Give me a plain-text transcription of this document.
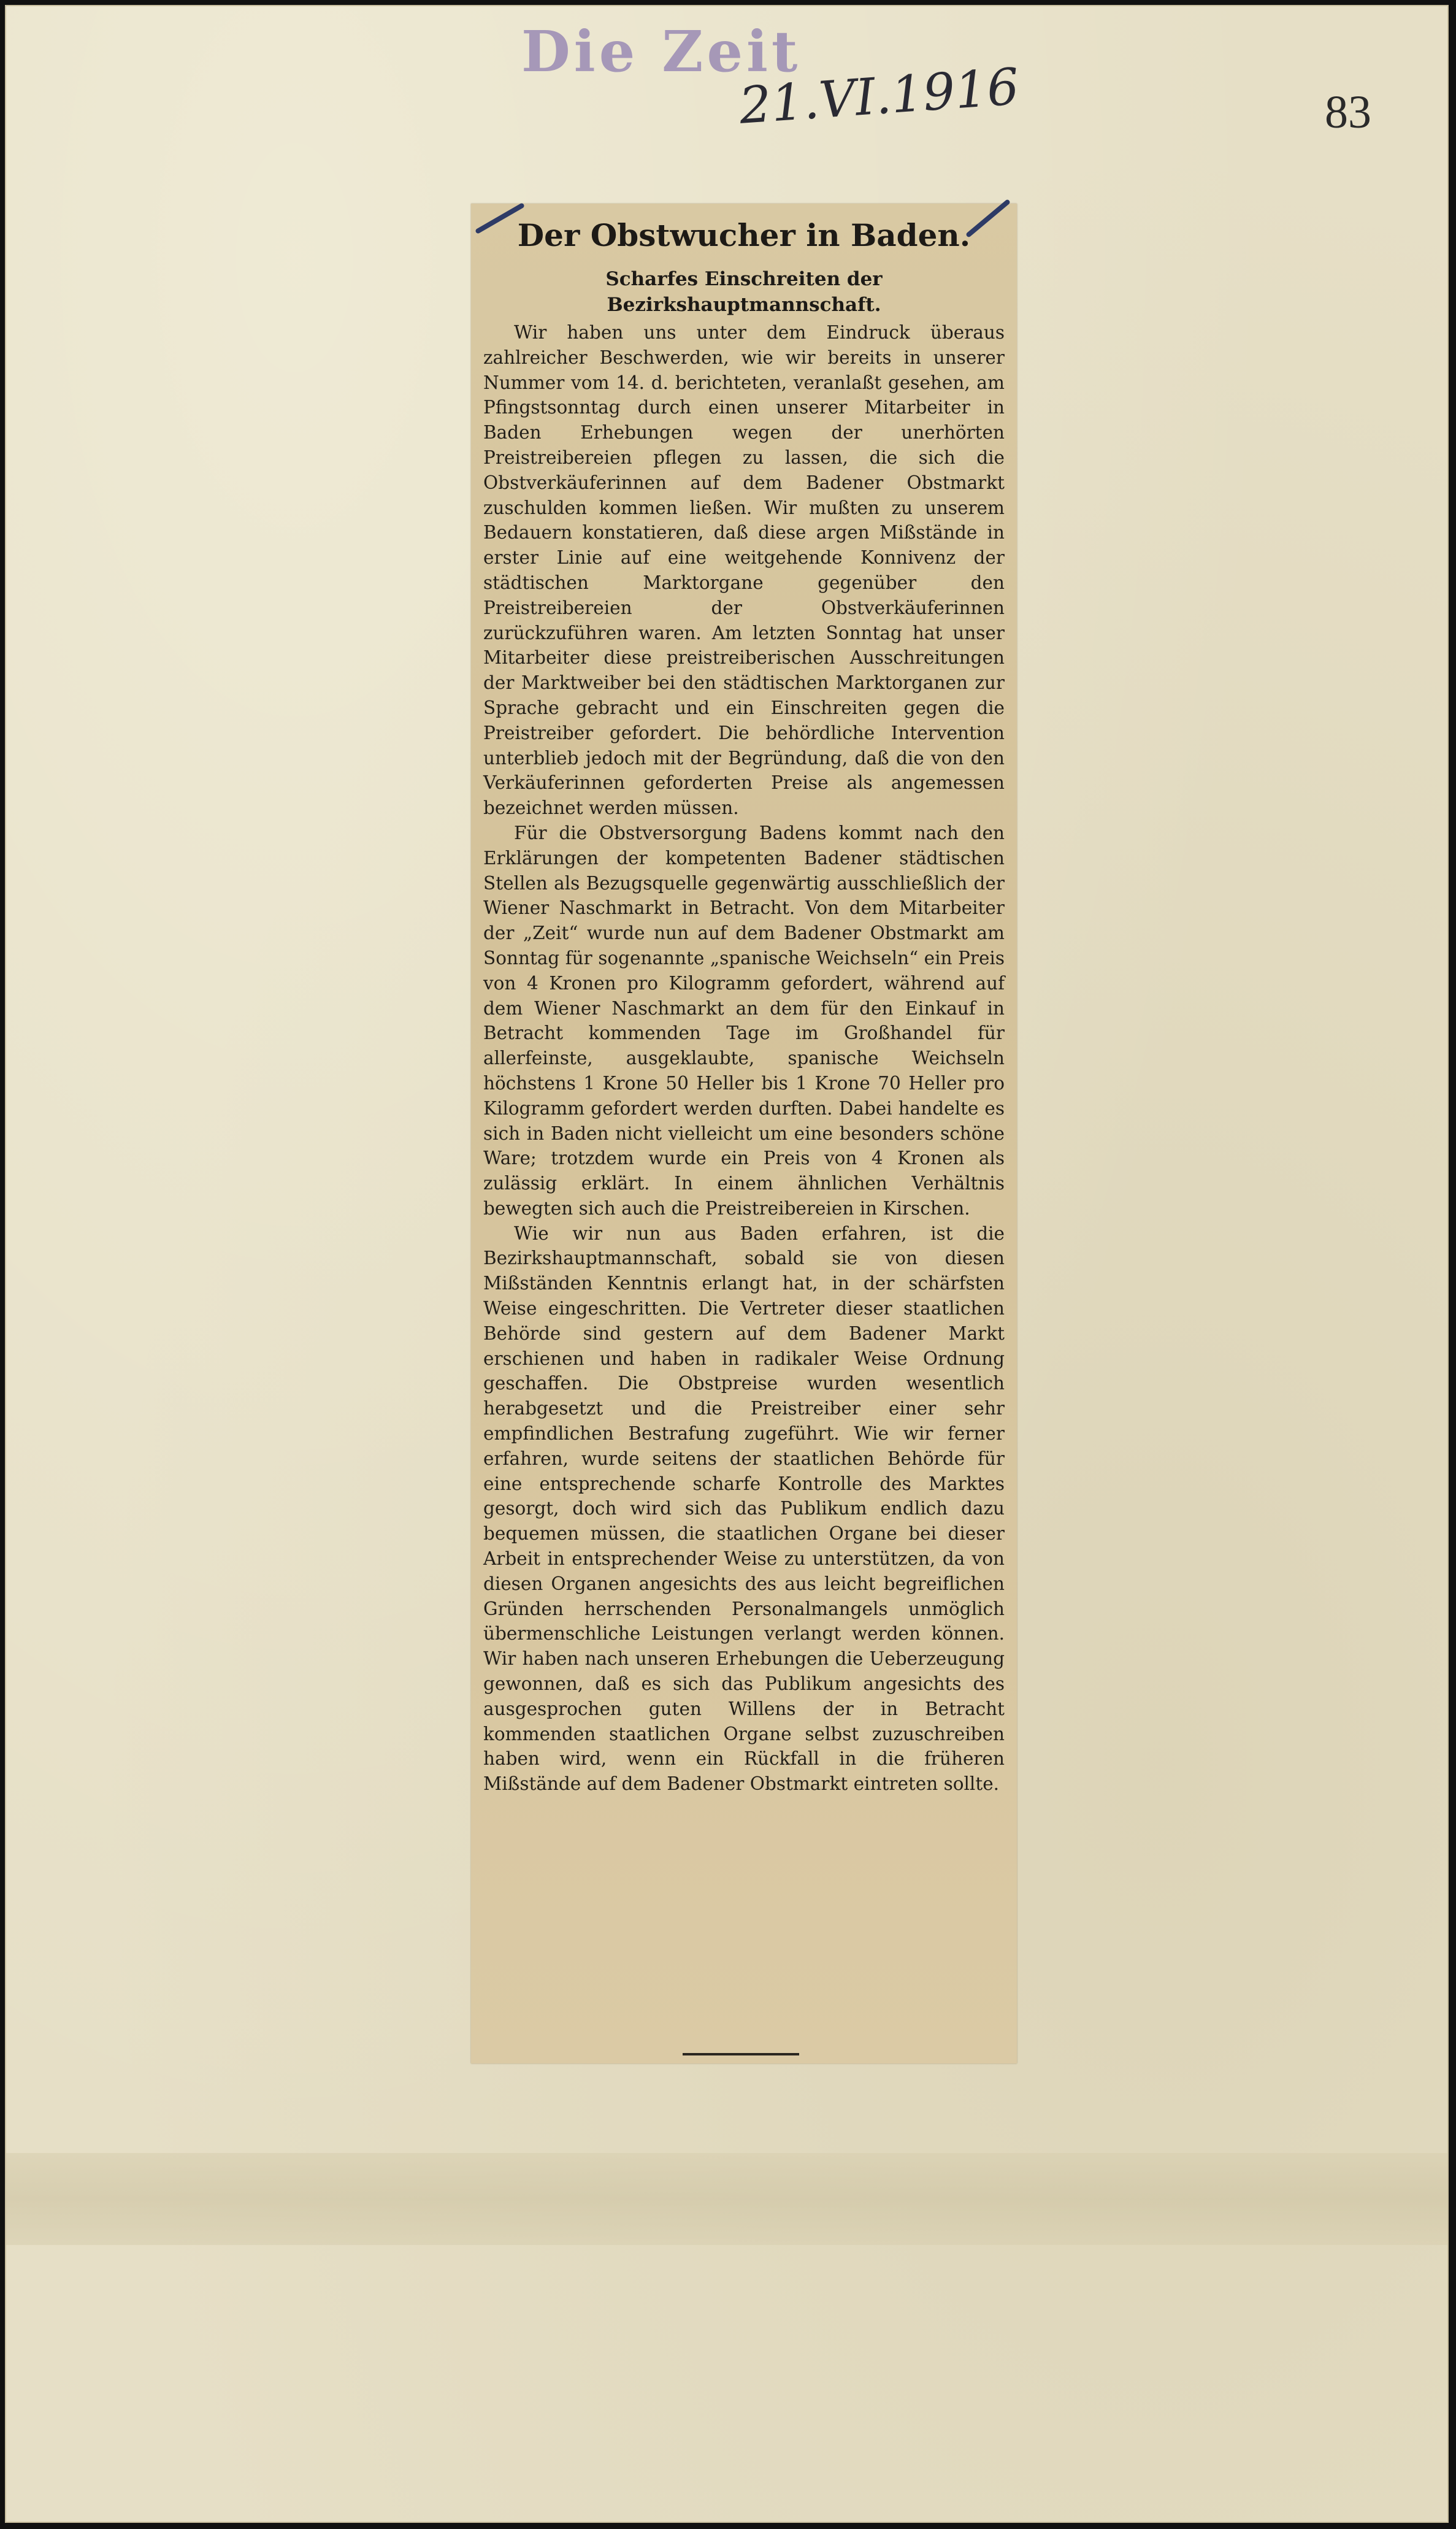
Die Zeit
21.VI.1916	83
Der Obstwucher in Baden.
Scharfes Einschreiten der Bezirkshauptmannschaft.

Wir haben uns unter dem Eindruck überaus zahlreicher Beschwerden, wie wir bereits in unserer Nummer vom 14. d. berichteten, veranlaßt gesehen, am Pfingstsonntag durch einen unserer Mitarbeiter in Baden Erhebungen wegen der unerhörten Preistreibereien pflegen zu lassen, die sich die Obstverkäuferinnen auf dem Badener Obstmarkt zuschulden kommen ließen. Wir mußten zu unserem Bedauern konstatieren, daß diese argen Mißstände in erster Linie auf eine weitgehende Konnivenz der städtischen Marktorgane gegenüber den Preistreibereien der Obstverkäuferinnen zurückzuführen waren. Am letzten Sonntag hat unser Mitarbeiter diese preistreiberischen Ausschreitungen der Marktweiber bei den städtischen Marktorganen zur Sprache gebracht und ein Einschreiten gegen die Preistreiber gefordert. Die behördliche Intervention unterblieb jedoch mit der Begründung, daß die von den Verkäuferinnen geforderten Preise als angemessen bezeichnet werden müssen.

Für die Obstversorgung Badens kommt nach den Erklärungen der kompetenten Badener städtischen Stellen als Bezugsquelle gegenwärtig ausschließlich der Wiener Naschmarkt in Betracht. Von dem Mitarbeiter der „Zeit“ wurde nun auf dem Badener Obstmarkt am Sonntag für sogenannte „spanische Weichseln“ ein Preis von 4 Kronen pro Kilogramm gefordert, während auf dem Wiener Naschmarkt an dem für den Einkauf in Betracht kommenden Tage im Großhandel für allerfeinste, ausgeklaubte, spanische Weichseln höchstens 1 Krone 50 Heller bis 1 Krone 70 Heller pro Kilogramm gefordert werden durften. Dabei handelte es sich in Baden nicht vielleicht um eine besonders schöne Ware; trotzdem wurde ein Preis von 4 Kronen als zulässig erklärt. In einem ähnlichen Verhältnis bewegten sich auch die Preistreibereien in Kirschen.

Wie wir nun aus Baden erfahren, ist die Bezirkshauptmannschaft, sobald sie von diesen Mißständen Kenntnis erlangt hat, in der schärfsten Weise eingeschritten. Die Vertreter dieser staatlichen Behörde sind gestern auf dem Badener Markt erschienen und haben in radikaler Weise Ordnung geschaffen. Die Obstpreise wurden wesentlich herabgesetzt und die Preistreiber einer sehr empfindlichen Bestrafung zugeführt. Wie wir ferner erfahren, wurde seitens der staatlichen Behörde für eine entsprechende scharfe Kontrolle des Marktes gesorgt, doch wird sich das Publikum endlich dazu bequemen müssen, die staatlichen Organe bei dieser Arbeit in entsprechender Weise zu unterstützen, da von diesen Organen angesichts des aus leicht begreiflichen Gründen herrschenden Personalmangels unmöglich übermenschliche Leistungen verlangt werden können. Wir haben nach unseren Erhebungen die Ueberzeugung gewonnen, daß es sich das Publikum angesichts des ausgesprochen guten Willens der in Betracht kommenden staatlichen Organe selbst zuzuschreiben haben wird, wenn ein Rückfall in die früheren Mißstände auf dem Badener Obstmarkt eintreten sollte.
